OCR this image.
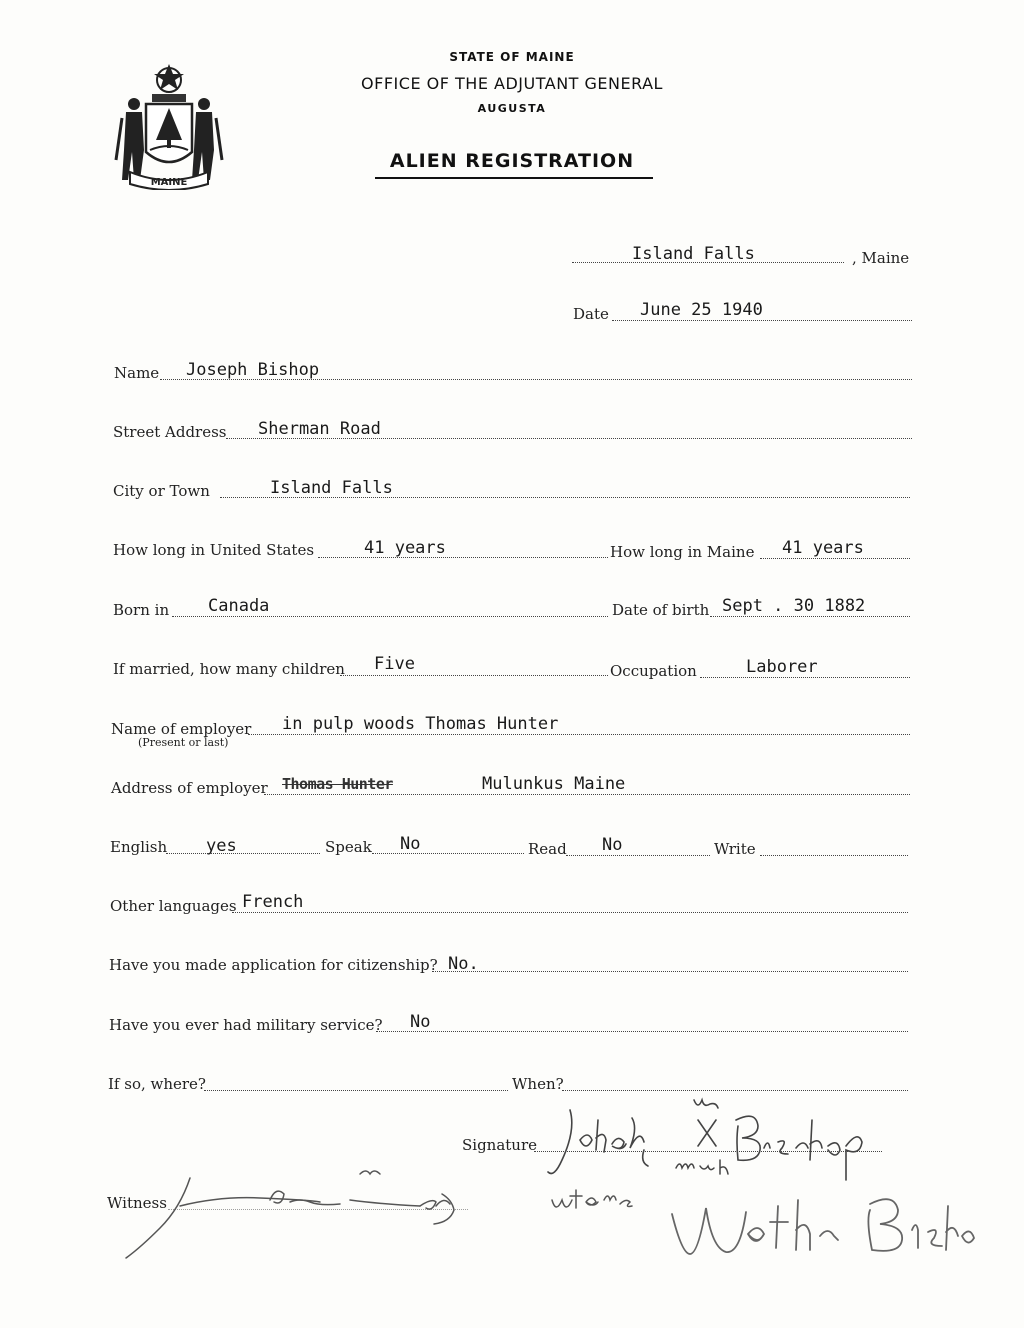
MAINE
STATE OF MAINE
OFFICE OF THE ADJUTANT GENERAL
AUGUSTA
ALIEN REGISTRATION
Island Falls	, Maine
Date June 25 1940
Name Joseph Bishop
Street Address Sherman Road
City or Town	Island Falls
How long in United States	41 years	How long in Maine 41 years
Born in Canada	Date of birth Sept . 30 1882
If married, how many children Five	Occupation	Laborer
Name of employer
(Present or last)
in pulp woods Thomas Hunter
Address of employer Thomas Hunter	Mulunkus Maine
English yes	Speak No	Read No	Write
Other languages French
Have you made application for citizenship? No.
Have you ever had military service? No
If so, where?	When?
Signature
Witness
